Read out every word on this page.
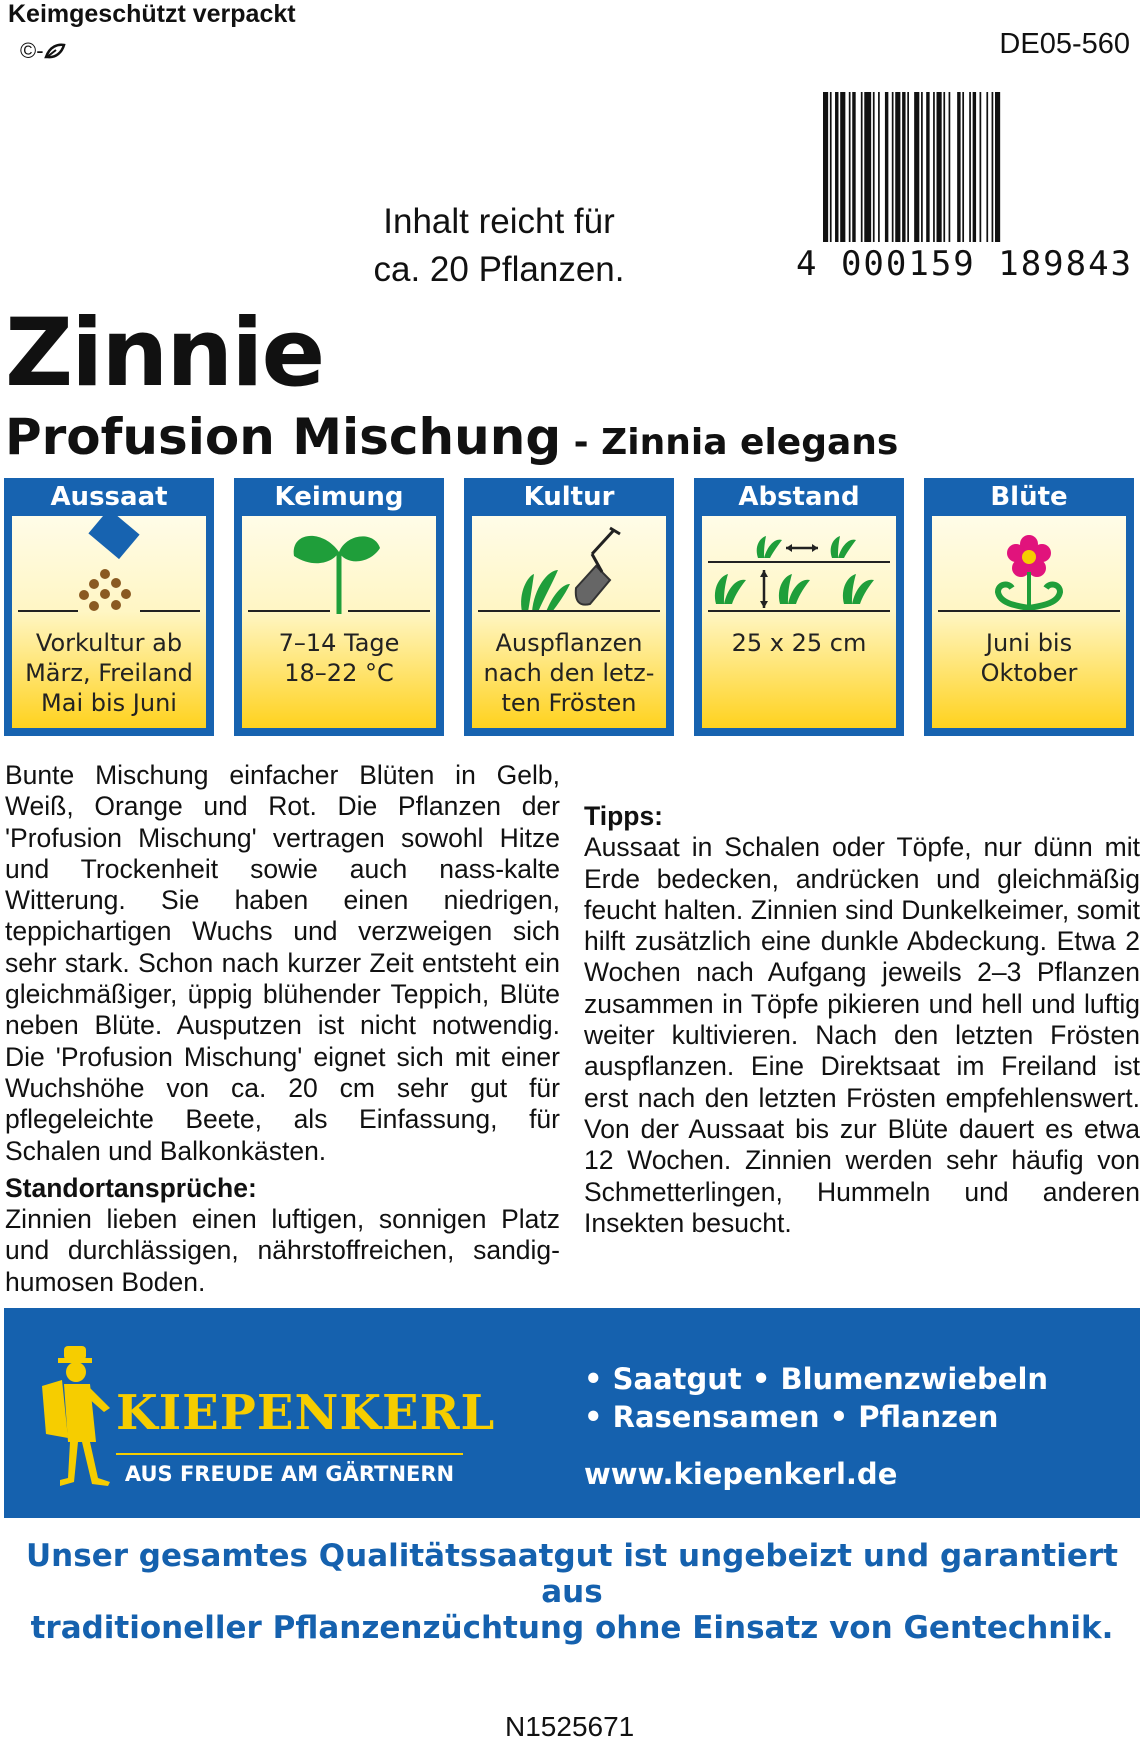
Keimgeschützt verpackt
©-	DE05-560
4 000159 189843
Inhalt reicht für
ca. 20 Pflanzen.
Zinnie
Profusion Mischung - Zinnia elegans
Aussaat
Vorkultur ab
März, Freiland
Mai bis Juni
Keimung
7–14 Tage
18–22 °C
Kultur
Auspflanzen
nach den letz-
ten Frösten
Abstand
25 x 25 cm
Blüte
Juni bis
Oktober

Bunte Mischung einfacher Blüten in Gelb, Weiß, Orange und Rot. Die Pflanzen der 'Profusion Mischung' vertragen sowohl Hitze und Trockenheit sowie auch nass-kalte Witterung. Sie haben einen niedrigen, teppichartigen Wuchs und verzweigen sich sehr stark. Schon nach kurzer Zeit entsteht ein gleichmäßiger, üppig blühender Teppich, Blüte neben Blüte. Ausputzen ist nicht notwendig. Die 'Profusion Mischung' eignet sich mit einer Wuchshöhe von ca. 20 cm sehr gut für pflegeleichte Beete, als Einfassung, für Schalen und Balkonkästen.

Standortansprüche:

Zinnien lieben einen luftigen, sonnigen Platz und durchlässigen, nährstoffreichen, sandig-humosen Boden.

Tipps:

Aussaat in Schalen oder Töpfe, nur dünn mit Erde bedecken, andrücken und gleichmäßig feucht halten. Zinnien sind Dunkelkeimer, somit hilft zusätzlich eine dunkle Abdeckung. Etwa 2 Wochen nach Aufgang jeweils 2–3 Pflanzen zusammen in Töpfe pikieren und hell und luftig weiter kultivieren. Nach den letzten Frösten auspflanzen. Eine Direktsaat im Freiland ist erst nach den letzten Frösten empfehlenswert. Von der Aussaat bis zur Blüte dauert es etwa 12 Wochen. Zinnien werden sehr häufig von Schmetterlingen, Hummeln und anderen Insekten besucht.

KIEPENKERL
AUS FREUDE AM GÄRTNERN
• Saatgut • Blumenzwiebeln
• Rasensamen • Pflanzen
www.kiepenkerl.de
Unser gesamtes Qualitätssaatgut ist ungebeizt und garantiert aus
traditioneller Pflanzenzüchtung ohne Einsatz von Gentechnik.
N1525671
